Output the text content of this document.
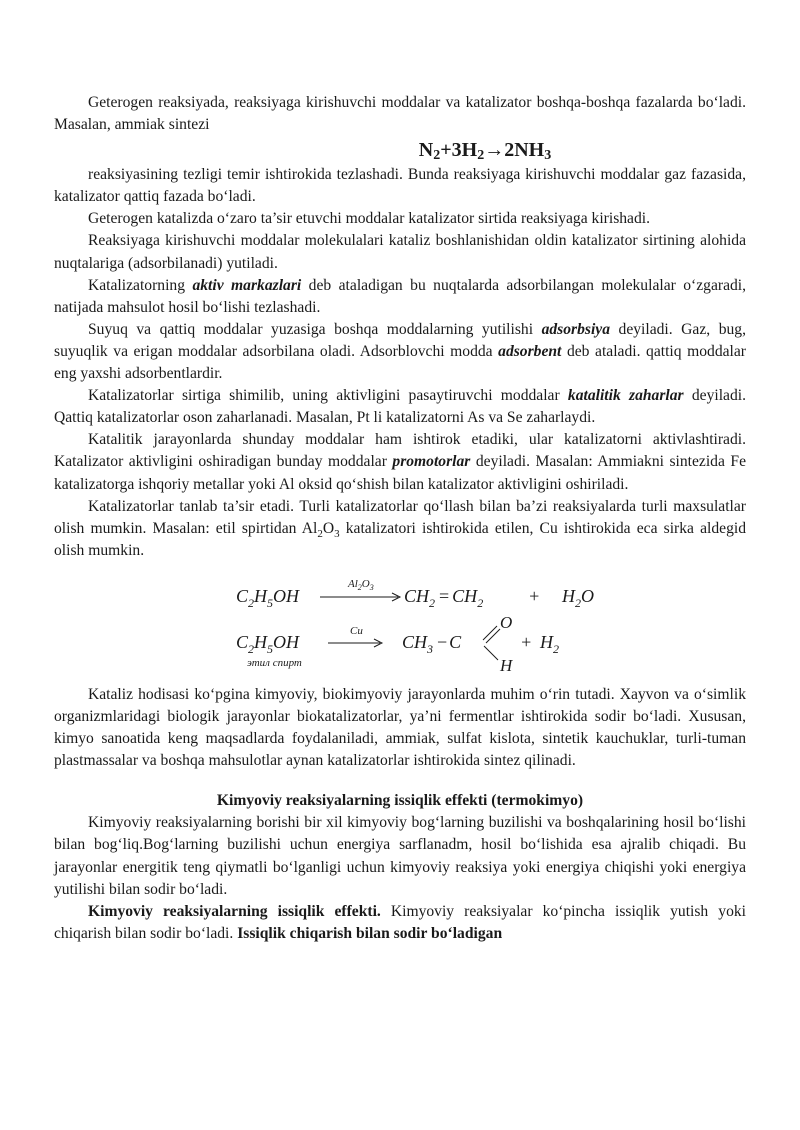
Geterogen reaksiyada, reaksiyaga kirishuvchi moddalar va katalizator boshqa-boshqa fazalarda bo‘ladi. Masalan, ammiak sintezi

$N_2+3H_2\to 2NH_3$

reaksiyasining tezligi temir ishtirokida tezlashadi. Bunda reaksiyaga kirishuvchi moddalar gaz fazasida, katalizator qattiq fazada bo‘ladi.

Geterogen katalizda o‘zaro ta’sir etuvchi moddalar katalizator sirtida reaksiyaga kirishadi.

Reaksiyaga kirishuvchi moddalar molekulalari kataliz boshlanishidan oldin katalizator sirtining alohida nuqtalariga (adsorbilanadi) yutiladi.

Katalizatorning aktiv markazlari deb ataladigan bu nuqtalarda adsorbilangan molekulalar o‘zgaradi, natijada mahsulot hosil bo‘lishi tezlashadi.

Suyuq va qattiq moddalar yuzasiga boshqa moddalarning yutilishi adsorbsiya deyiladi. Gaz, bug, suyuqlik va erigan moddalar adsorbilana oladi. Adsorblovchi modda adsorbent deb ataladi. qattiq moddalar eng yaxshi adsorbentlardir.

Katalizatorlar sirtiga shimilib, uning aktivligini pasaytiruvchi moddalar katalitik zaharlar deyiladi. Qattiq katalizatorlar oson zaharlanadi. Masalan, Pt li katalizatorni As va Se zaharlaydi.

Katalitik jarayonlarda shunday moddalar ham ishtirok etadiki, ular katalizatorni aktivlashtiradi. Katalizator aktivligini oshiradigan bunday moddalar promotorlar deyiladi. Masalan: Ammiakni sintezida Fe katalizatorga ishqoriy metallar yoki Al oksid qo‘shish bilan katalizator aktivligini oshiriladi.

Katalizatorlar tanlab ta’sir etadi. Turli katalizatorlar qo‘llash bilan ba’zi reaksiyalarda turli maxsulatlar olish mumkin. Masalan: etil spirtidan $Al_2O_3$ katalizatori ishtirokida etilen, Cu ishtirokida eca sirka aldegid olish mumkin.

$C_2H_5OH$
$Al_2O_3$ $CH_2 = CH_2 + H_2O$
$C_2H_5OH$
этил спирт
Cu
$CH_3 - C$
O
H
+ $H_2$

Kataliz hodisasi ko‘pgina kimyoviy, biokimyoviy jarayonlarda muhim o‘rin tutadi. Xayvon va o‘simlik organizmlaridagi biologik jarayonlar biokatalizatorlar, ya’ni fermentlar ishtirokida sodir bo‘ladi. Xususan, kimyo sanoatida keng maqsadlarda foydalaniladi, ammiak, sulfat kislota, sintetik kauchuklar, turli-tuman plastmassalar va boshqa mahsulotlar aynan katalizatorlar ishtirokida sintez qilinadi.

Kimyoviy reaksiyalarning issiqlik effekti (termokimyo)

Kimyoviy reaksiyalarning borishi bir xil kimyoviy bog‘larning buzilishi va boshqalarining hosil bo‘lishi bilan bog‘liq.Bog‘larning buzilishi uchun energiya sarflanadm, hosil bo‘lishida esa ajralib chiqadi. Bu jarayonlar energitik teng qiymatli bo‘lganligi uchun kimyoviy reaksiya yoki energiya chiqishi yoki energiya yutilishi bilan sodir bo‘ladi.

Kimyoviy reaksiyalarning issiqlik effekti. Kimyoviy reaksiyalar ko‘pincha issiqlik yutish yoki chiqarish bilan sodir bo‘ladi. Issiqlik chiqarish bilan sodir bo‘ladigan
